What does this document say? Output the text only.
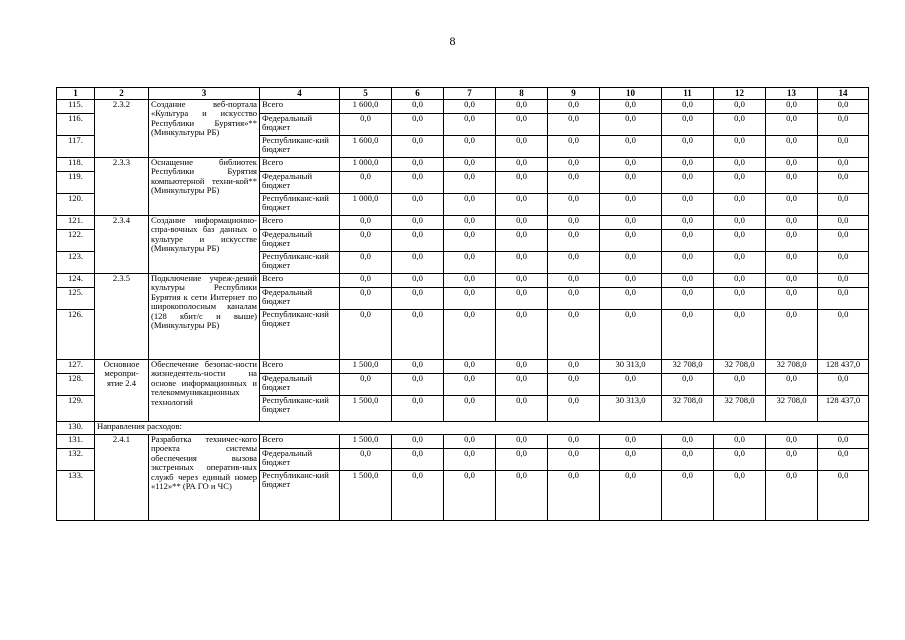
8
1	2	3	4	5	6	7	8	9	10	11	12	13	14
115.	2.3.2	Создание веб-портала «Культура и искусство Республики Бурятия»** (Минкультуры РБ)	Всего	1 600,0	0,0	0,0	0,0	0,0	0,0	0,0	0,0	0,0	0,0
116.			Федеральный бюджет	0,0	0,0	0,0	0,0	0,0	0,0	0,0	0,0	0,0	0,0
117.			Республиканс-кий бюджет	1 600,0	0,0	0,0	0,0	0,0	0,0	0,0	0,0	0,0	0,0
118.	2.3.3	Оснащение библиотек Республики Бурятия компьютерной техни-кой** (Минкультуры РБ)	Всего	1 000,0	0,0	0,0	0,0	0,0	0,0	0,0	0,0	0,0	0,0
119.			Федеральный бюджет	0,0	0,0	0,0	0,0	0,0	0,0	0,0	0,0	0,0	0,0
120.			Республиканс-кий бюджет	1 000,0	0,0	0,0	0,0	0,0	0,0	0,0	0,0	0,0	0,0
121.	2.3.4	Создание информационно-спра-вочных баз данных о культуре и искусстве (Минкультуры РБ)	Всего	0,0	0,0	0,0	0,0	0,0	0,0	0,0	0,0	0,0	0,0
122.			Федеральный бюджет	0,0	0,0	0,0	0,0	0,0	0,0	0,0	0,0	0,0	0,0
123.			Республиканс-кий бюджет	0,0	0,0	0,0	0,0	0,0	0,0	0,0	0,0	0,0	0,0
124.	2.3.5	Подключение учреж-дений культуры Республики Бурятия к сети Интернет по широкополосным каналам (128 кбит/с и выше) (Минкультуры РБ)	Всего	0,0	0,0	0,0	0,0	0,0	0,0	0,0	0,0	0,0	0,0
125.			Федеральный бюджет	0,0	0,0	0,0	0,0	0,0	0,0	0,0	0,0	0,0	0,0
126.			Республиканс-кий бюджет	0,0	0,0	0,0	0,0	0,0	0,0	0,0	0,0	0,0	0,0
127.	Основное меропри-ятие 2.4	Обеспечение безопас-ности жизнедеятель-ности на основе информационных и телекоммуникационных технологий	Всего	1 500,0	0,0	0,0	0,0	0,0	30 313,0	32 708,0	32 708,0	32 708,0	128 437,0
128.			Федеральный бюджет	0,0	0,0	0,0	0,0	0,0	0,0	0,0	0,0	0,0	0,0
129.			Республиканс-кий бюджет	1 500,0	0,0	0,0	0,0	0,0	30 313,0	32 708,0	32 708,0	32 708,0	128 437,0
130.	Направления расходов:												
131.	2.4.1	Разработка техничес-кого проекта системы обеспечения вызова экстренных оператив-ных служб через единый номер «112»** (РА ГО и ЧС)	Всего	1 500,0	0,0	0,0	0,0	0,0	0,0	0,0	0,0	0,0	0,0
132.			Федеральный бюджет	0,0	0,0	0,0	0,0	0,0	0,0	0,0	0,0	0,0	0,0
133.			Республиканс-кий бюджет	1 500,0	0,0	0,0	0,0	0,0	0,0	0,0	0,0	0,0	0,0
